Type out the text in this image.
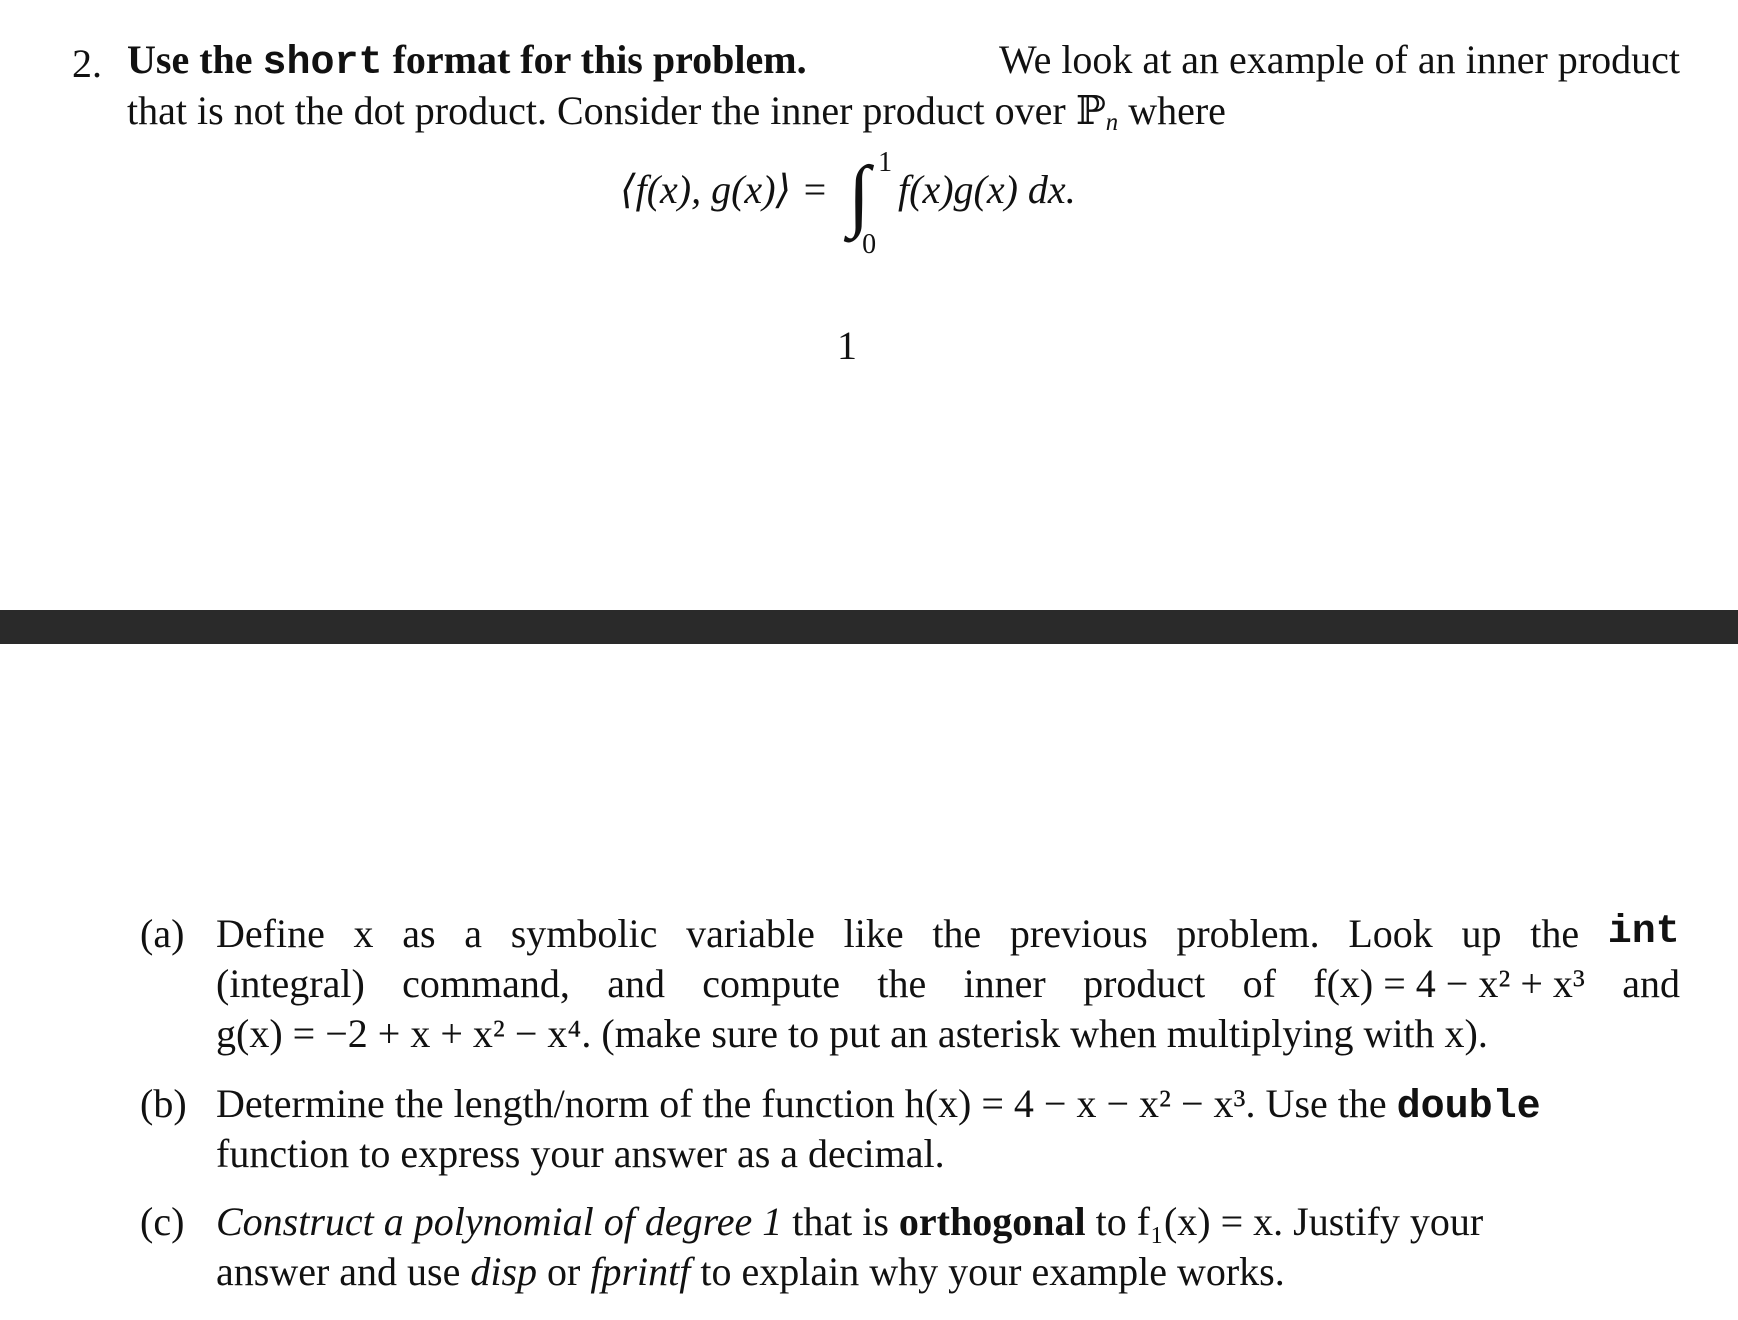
2. Use the short format for this problem.	We look at an example of an inner product
that is not the dot product. Consider the inner product over ℙ$_n$ where
⟨f(x), g(x)⟩ = ∫ 1
0
f(x)g(x) dx.
1
(a) Define x as a symbolic variable like the previous problem. Look up the int
(integral) command, and compute the inner product of f(x) = 4 − x² + x³ and
g(x) = −2 + x + x² − x⁴. (make sure to put an asterisk when multiplying with x).
(b) Determine the length/norm of the function h(x) = 4 − x − x² − x³. Use the double
function to express your answer as a decimal.
(c) Construct a polynomial of degree 1 that is orthogonal to f₁(x) = x. Justify your
answer and use disp or fprintf to explain why your example works.
